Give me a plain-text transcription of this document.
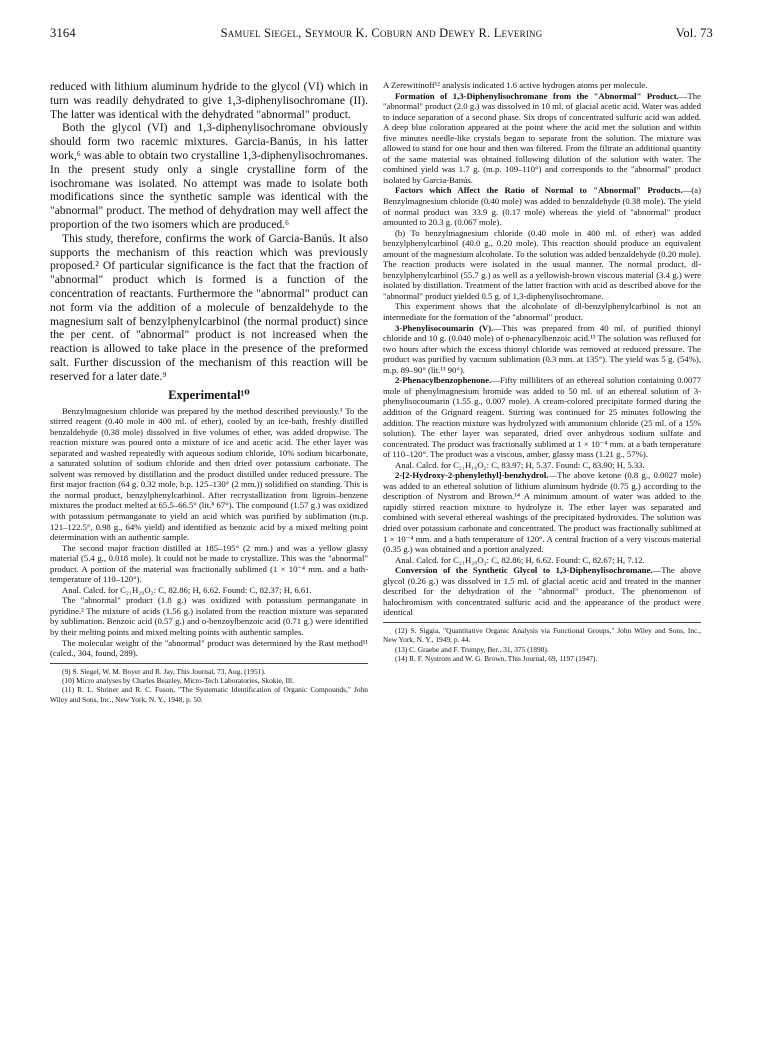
3164	Samuel Siegel, Seymour K. Coburn and Dewey R. Levering	Vol. 73

reduced with lithium aluminum hydride to the glycol (VI) which in turn was readily dehydrated to give 1,3-diphenylisochromane (II). The latter was identical with the dehydrated "abnormal" product.

Both the glycol (VI) and 1,3-diphenylisochromane obviously should form two racemic mixtures. Garcia-Banús, in his latter work,⁶ was able to obtain two crystalline 1,3-diphenylisochromanes. In the present study only a single crystalline form of the isochromane was isolated. No attempt was made to isolate both modifications since the synthetic sample was identical with the "abnormal" product. The method of dehydration may well affect the proportion of the two isomers which are produced.⁶

This study, therefore, confirms the work of Garcia-Banús. It also supports the mechanism of this reaction which was previously proposed.² Of particular significance is the fact that the fraction of "abnormal" product which is formed is a function of the concentration of reactants. Furthermore the "abnormal" product can not form via the addition of a molecule of benzaldehyde to the magnesium salt of benzylphenylcarbinol (the normal product) since the per cent. of "abnormal" product is not increased when the reaction is allowed to take place in the presence of the preformed salt. Further discussion of the mechanism of this reaction will be reserved for a later date.⁹

Experimental¹⁰

Benzylmagnesium chloride was prepared by the method described previously.³ To the stirred reagent (0.40 mole in 400 ml. of ether), cooled by an ice-bath, freshly distilled benzaldehyde (0.38 mole) dissolved in five volumes of ether, was added dropwise. The reaction mixture was poured onto a mixture of ice and acetic acid. The ether layer was separated and washed repeatedly with aqueous sodium chloride, 10% sodium bicarbonate, a saturated solution of sodium chloride and then dried over potassium carbonate. The solvent was removed by distillation and the product distilled under reduced pressure. The first major fraction (64 g. 0.32 mole, b.p. 125–130° (2 mm.)) solidified on standing. This is the normal product, benzylphenylcarbinol. After recrystallization from ligroin–benzene mixtures the product melted at 65.5–66.5° (lit.⁸ 67°). The compound (1.57 g.) was oxidized with potassium permanganate to yield an acid which was purified by sublimation (m.p. 121–122.5°, 0.98 g., 64% yield) and identified as benzoic acid by a mixed melting point determination with an authentic sample.

The second major fraction distilled at 185–195° (2 mm.) and was a yellow glassy material (5.4 g., 0.018 mole). It could not be made to crystallize. This was the "abnormal" product. A portion of the material was fractionally sublimed (1 × 10⁻⁴ mm. and a bath-temperature of 110–120°).

Anal. Calcd. for C₂₁H₂₀O₂: C, 82.86; H, 6.62. Found: C, 82.37; H, 6.61.

The "abnormal" product (1.8 g.) was oxidized with potassium permanganate in pyridine.² The mixture of acids (1.56 g.) isolated from the reaction mixture was separated by sublimation. Benzoic acid (0.57 g.) and o-benzoylbenzoic acid (0.71 g.) were identified by their melting points and mixed melting points with authentic samples.

The molecular weight of the "abnormal" product was determined by the Rast method¹¹ (calcd., 304, found, 289).

(9) S. Siegel, W. M. Boyer and R. Jay, This Journal, 73, Aug. (1951).

(10) Micro analyses by Charles Beazley, Micro-Tech Laboratories, Skokie, Ill.

(11) R. L. Shriner and R. C. Fuson, "The Systematic Identification of Organic Compounds," John Wiley and Sons, Inc., New York, N. Y., 1948, p. 50.

A Zerewitinoff¹² analysis indicated 1.6 active hydrogen atoms per molecule.

Formation of 1,3-Diphenylisochromane from the "Abnormal" Product.—The "abnormal" product (2.0 g.) was dissolved in 10 ml. of glacial acetic acid. Water was added to induce separation of a second phase. Six drops of concentrated sulfuric acid was added. A deep blue coloration appeared at the point where the acid met the solution and within five minutes needle-like crystals began to separate from the solution. The mixture was allowed to stand for one hour and then was filtered. From the filtrate an additional quantity of the same material was obtained following dilution of the solution with water. The combined yield was 1.7 g. (m.p. 109–110°) and corresponds to the "abnormal" product isolated by Garcia-Banús.

Factors which Affect the Ratio of Normal to "Abnormal" Products.—(a) Benzylmagnesium chloride (0.40 mole) was added to benzaldehyde (0.38 mole). The yield of normal product was 33.9 g. (0.17 mole) whereas the yield of "abnormal" product amounted to 20.3 g. (0.067 mole).

(b) To benzylmagnesium chloride (0.40 mole in 400 ml. of ether) was added benzylphenylcarbinol (40.0 g., 0.20 mole). This reaction should produce an equivalent amount of the magnesium alcoholate. To the solution was added benzaldehyde (0.20 mole). The reaction products were isolated in the usual manner. The normal product, dl-benzylphenylcarbinol (55.7 g.) as well as a yellowish-brown viscous material (3.4 g.) were isolated by distillation. Treatment of the latter fraction with acid as described above for the "abnormal" product yielded 0.5 g. of 1,3-diphenylisochromane.

This experiment shows that the alcoholate of dl-benzylphenylcarbinol is not an intermediate for the formation of the "abnormal" product.

3-Phenylisocoumarin (V).—This was prepared from 40 ml. of purified thionyl chloride and 10 g. (0.040 mole) of o-phenacylbenzoic acid.¹³ The solution was refluxed for two hours after which the excess thionyl chloride was removed at reduced pressure. The product was purified by vacuum sublimation (0.3 mm. at 135°). The yield was 5 g. (54%), m.p. 89–90° (lit.¹³ 90°).

2-Phenacylbenzophenone.—Fifty milliliters of an ethereal solution containing 0.0077 mole of phenylmagnesium bromide was added to 50 ml. of an ethereal solution of 3-phenylisocoumarin (1.55 g., 0.007 mole). A cream-colored precipitate formed during the addition of the Grignard reagent. Stirring was continued for 25 minutes following the addition. The reaction mixture was hydrolyzed with ammonium chloride (25 ml. of a 15% solution). The ether layer was separated, dried over anhydrous sodium sulfate and concentrated. The product was fractionally sublimed at 1 × 10⁻⁴ mm. at a bath temperature of 110–120°. The product was a viscous, amber, glassy mass (1.21 g., 57%).

Anal. Calcd. for C₂₁H₁₆O₂: C, 83.97; H, 5.37. Found: C, 83.90; H, 5.33.

2-[2-Hydroxy-2-phenylethyl]-benzhydrol.—The above ketone (0.8 g., 0.0027 mole) was added to an ethereal solution of lithium aluminum hydride (0.75 g.) according to the description of Nystrom and Brown.¹⁴ A minimum amount of water was added to the rapidly stirred reaction mixture to hydrolyze it. The ether layer was separated and combined with several ethereal washings of the precipitated hydroxides. The solution was dried over potassium carbonate and concentrated. The product was fractionally sublimed at 1 × 10⁻⁴ mm. and a bath temperature of 120°. A central fraction of a very viscous material (0.35 g.) was obtained and a portion analyzed.

Anal. Calcd. for C₂₁H₂₀O₂: C, 82.86; H, 6.62. Found: C, 82.67; H, 7.12.

Conversion of the Synthetic Glycol to 1,3-Diphenylisochromane.—The above glycol (0.26 g.) was dissolved in 1.5 ml. of glacial acetic acid and treated in the manner described for the dehydration of the "abnormal" product. The phenomenon of halochromism with concentrated sulfuric acid and the appearance of the product were identical

(12) S. Siggia, "Quantitative Organic Analysis via Functional Groups," John Wiley and Sons, Inc., New York, N. Y., 1949, p. 44.

(13) C. Graebe and F. Trumpy, Ber., 31, 375 (1898).

(14) R. F. Nystrom and W. G. Brown, This Journal, 69, 1197 (1947).
